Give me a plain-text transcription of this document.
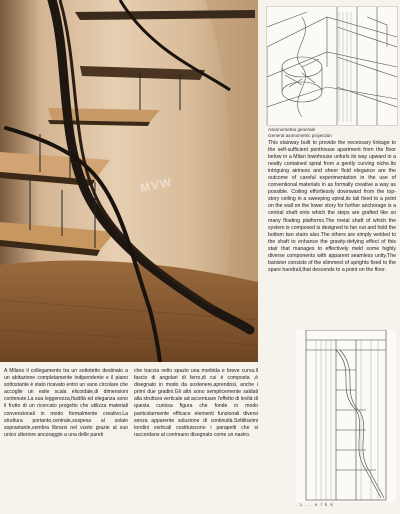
MVW
Assonometria generale
General axonometric projection
This stairway built to provide the necessary linkage to the self-sufficient penthouse apartment from the floor below in a Milan townhouse unfurls its way upward in a neatly contained spiral from a gently curving niche.Its intriguing airiness and sheer fluid elegance are the outcome of careful experimentation in the use of conventional materials in as formally creative a way as possible. Coiling effortlessly downward from the top-story ceiling in a sweeping spiral,its tail fixed to a point on the wall on the lower story for further anchorage is a central shaft onto which the steps are grafted like so many floating platforms.The metal shaft of which the system is composed is designed to fan out and hold the bottom two stairs also.The others are simply welded to the shaft to enhance the gravity-defying effect of this stair that manages to effectively meld some highly diverse components with apparent seamless unity.The banister consists of the slimmest of uprights fixed to the spare handrail,that descends to a point on the floor.
L ... e l k k
A Milano il collegamento tra un sottotetto destinato a un abitazione completamente indipendente e il piano sottostante è stato ricavato entro un vano circolare che accoglie un esile scala elicoidale,di dimensioni contenute.La sua leggerezza,fluidità ed eleganza sono il frutto di un ricercato progetto che utilizza materiali convenzionali in modo formalmente creativo.La struttura portante,centrale,sospesa al solaio soprastante,sembra librarsi nel vuoto grazie al suo unico ulteriore ancoraggio a una delle pareti
che traccia nello spazio una morbida e breve curva.Il fascio di angolari di ferro,di cui è composta ,è disegnato in modo da sostenere,aprendosi, anche i primi due gradini.Gli altri sono semplicemente saldati alla struttura verticale ad accentuare l'effetto di levità di questa curiosa figura che fonde in modo particolarmente efficace elementi funzionali diversi senza apparente soluzione di continuità.Sottilissimi tondini verticali costituiscono i parapetti che si raccordano al corrimano disegnato come un nastro.
